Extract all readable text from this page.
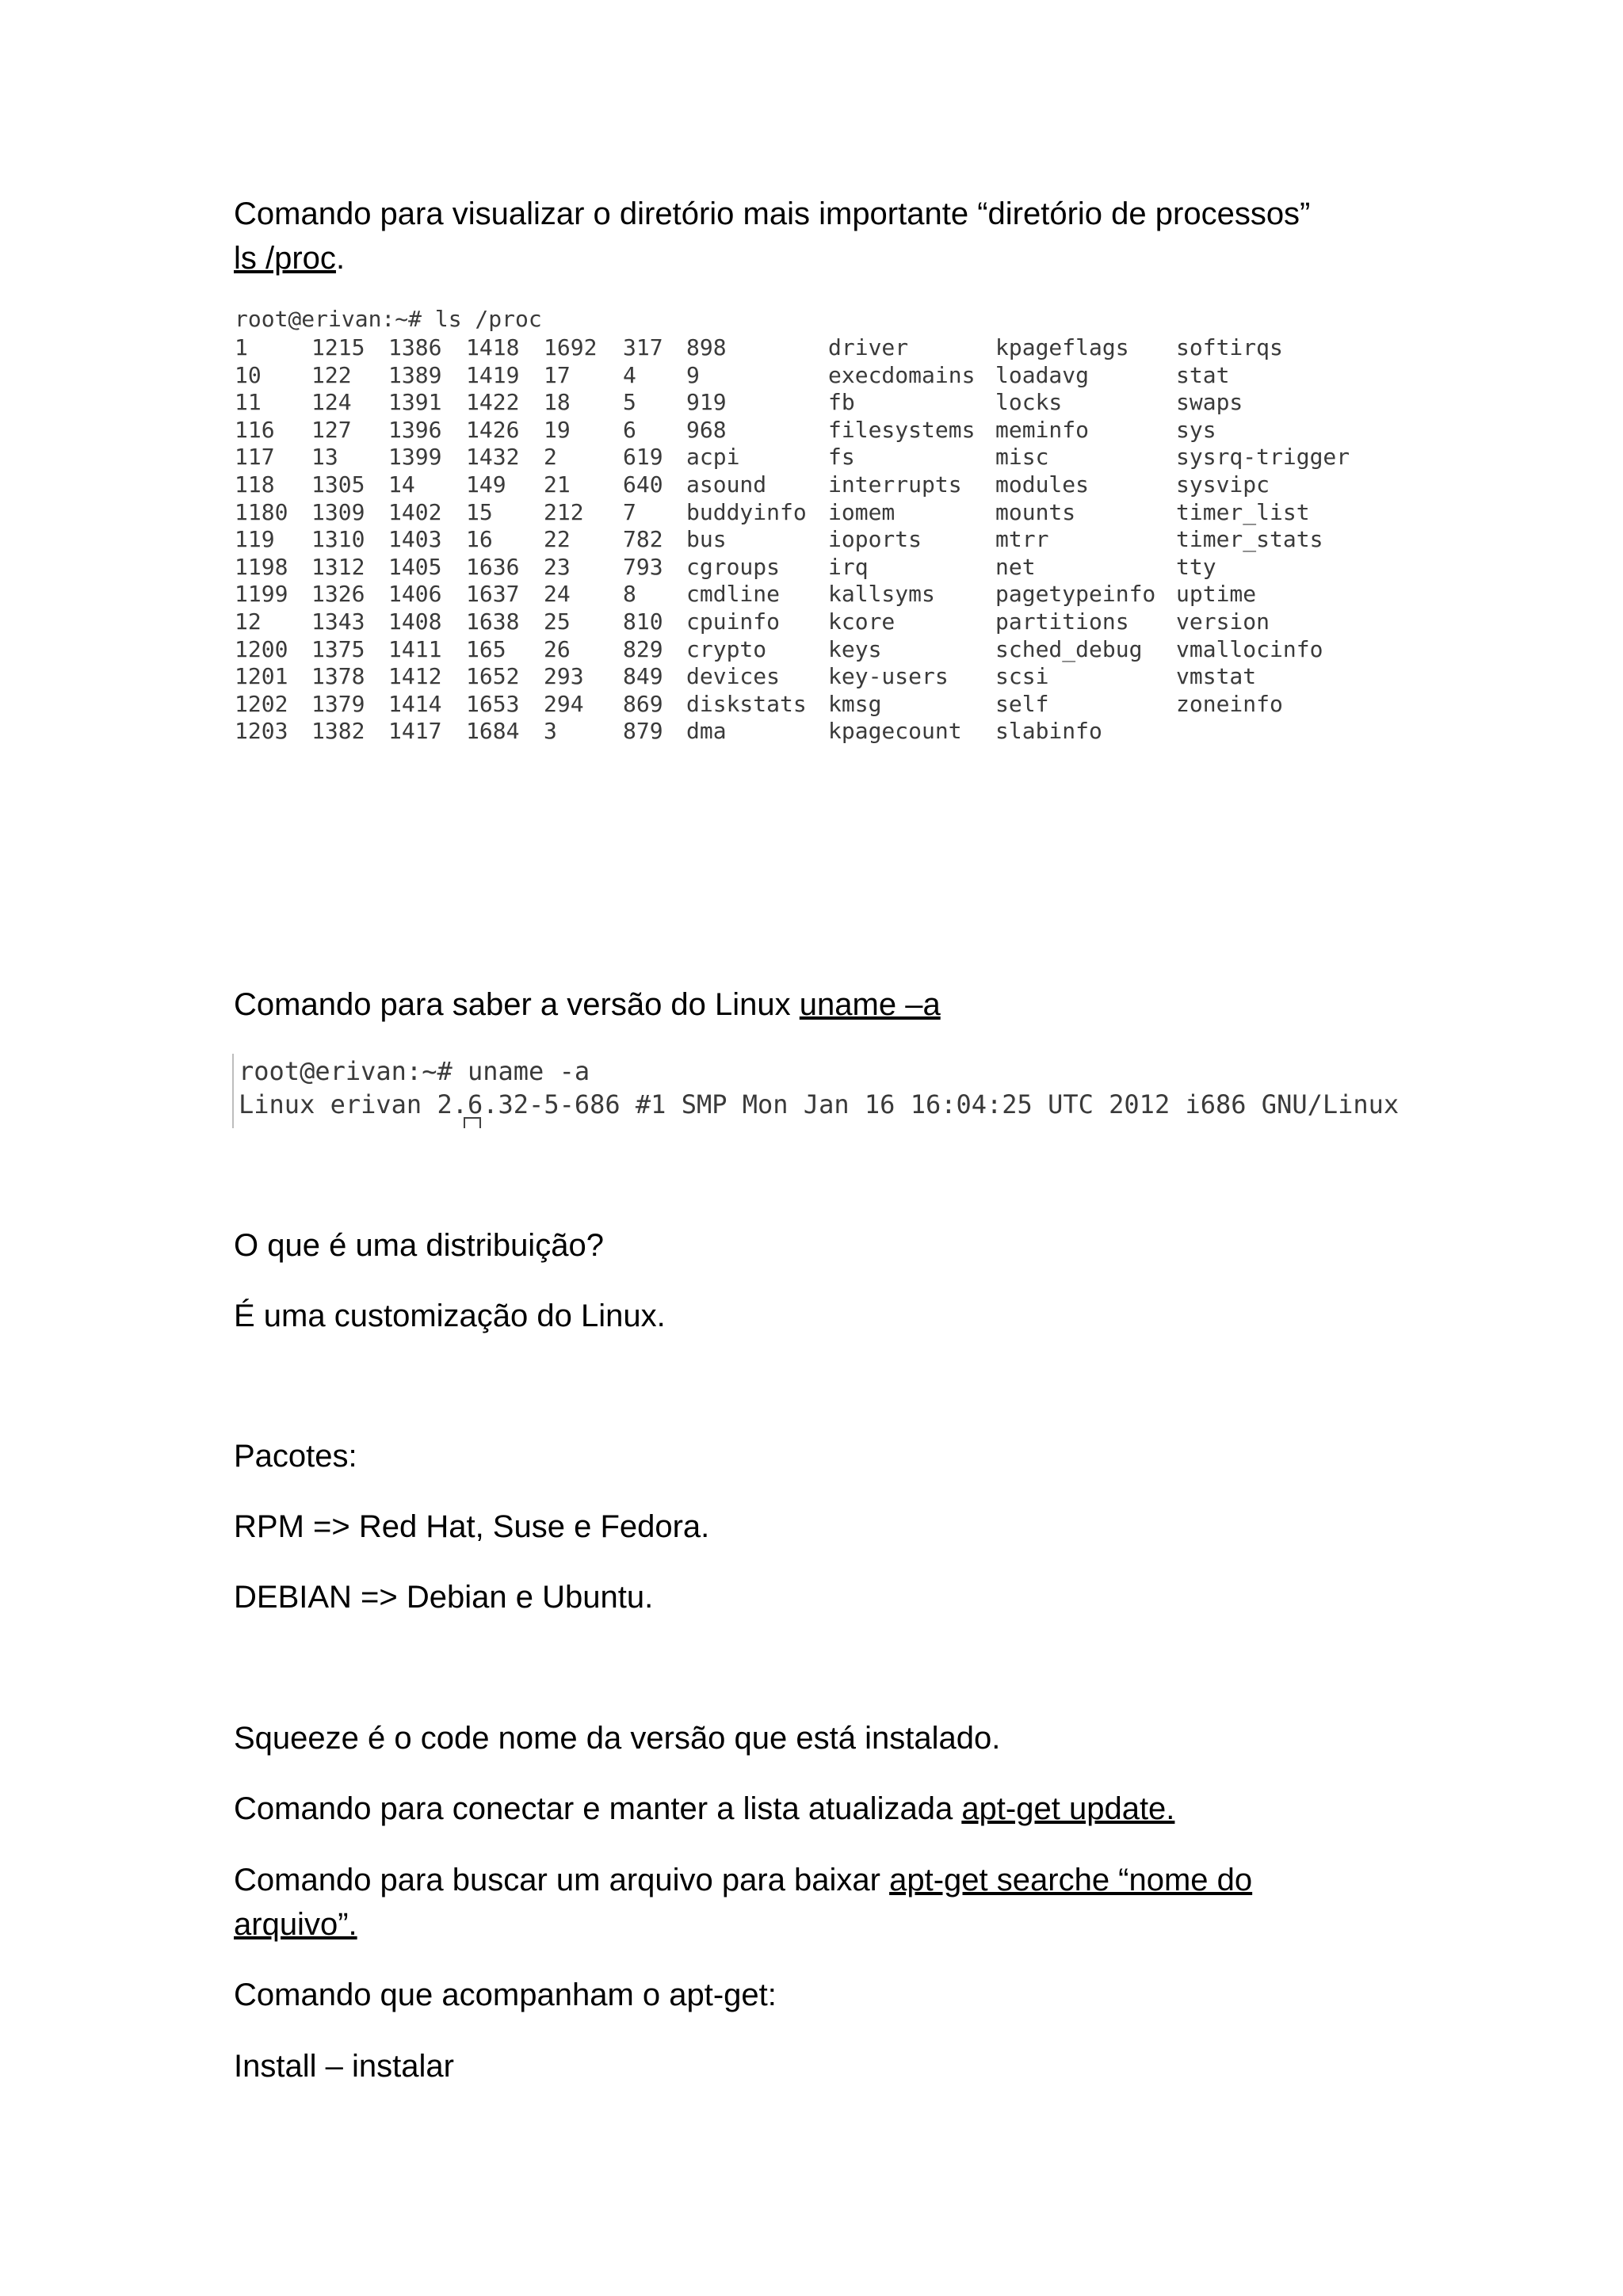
Comando para visualizar o diretório mais importante “diretório de processos”
ls /proc.
root@erivan:~# ls /proc
1	1215 1386 1418 1692 317 898	driver	kpageflags softirqs
10 122 1389 1419 17 4 9	execdomains loadavg	stat
11 124 1391 1422 18 5 919	fb	locks	swaps
116 127 1396 1426 19 6 968	filesystems meminfo	sys
117 13 1399 1432 2	619 acpi	fs	misc	sysrq-trigger
118 1305 14 149 21 640 asound	interrupts modules	sysvipc
1180 1309 1402 15 212 7 buddyinfo iomem	mounts	timer_list
119 1310 1403 16 22 782 bus	ioports	mtrr	timer_stats
1198 1312 1405 1636 23 793 cgroups irq	net	tty
1199 1326 1406 1637 24 8 cmdline kallsyms	pagetypeinfo uptime
12 1343 1408 1638 25 810 cpuinfo kcore	partitions version
1200 1375 1411 165 26 829 crypto	keys	sched_debug vmallocinfo
1201 1378 1412 1652 293 849 devices key-users scsi	vmstat
1202 1379 1414 1653 294 869 diskstats kmsg	self	zoneinfo
1203 1382 1417 1684 3	879 dma	kpagecount slabinfo
Comando para saber a versão do Linux uname –a
root@erivan:~# uname -a
Linux erivan 2.6.32-5-686 #1 SMP Mon Jan 16 16:04:25 UTC 2012 i686 GNU/Linux
O que é uma distribuição?
É uma customização do Linux.
Pacotes:
RPM => Red Hat, Suse e Fedora.
DEBIAN => Debian e Ubuntu.
Squeeze é o code nome da versão que está instalado.
Comando para conectar e manter a lista atualizada apt-get update.
Comando para buscar um arquivo para baixar apt-get searche “nome do
arquivo”.
Comando que acompanham o apt-get:
Install – instalar
